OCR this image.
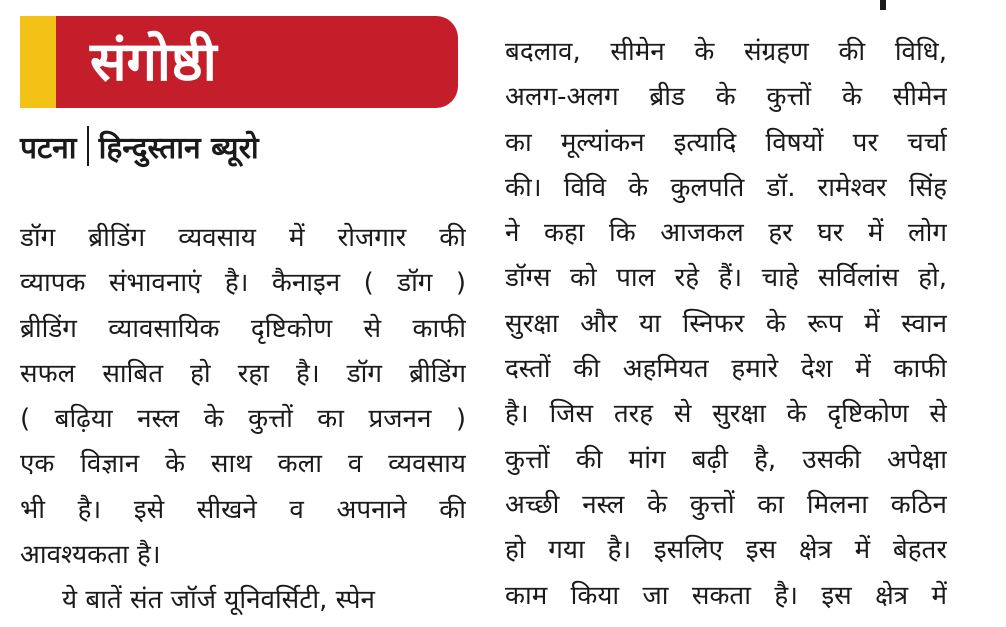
संगोष्ठी
पटना हिन्दुस्तान ब्यूरो
डॉग ब्रीडिंग व्यवसाय में रोजगार की
व्यापक संभावनाएं है। कैनाइन ( डॉग )
ब्रीडिंग व्यावसायिक दृष्टिकोण से काफी
सफल साबित हो रहा है। डॉग ब्रीडिंग
( बढ़िया नस्ल के कुत्तों का प्रजनन )
एक विज्ञान के साथ कला व व्यवसाय
भी है। इसे सीखने व अपनाने की
आवश्यकता है।
ये बातें संत जॉर्ज यूनिवर्सिटी, स्पेन
बदलाव, सीमेन के संग्रहण की विधि,
अलग-अलग ब्रीड के कुत्तों के सीमेन
का मूल्यांकन इत्यादि विषयों पर चर्चा
की। विवि के कुलपति डॉ. रामेश्वर सिंह
ने कहा कि आजकल हर घर में लोग
डॉग्स को पाल रहे हैं। चाहे सर्विलांस हो,
सुरक्षा और या स्निफर के रूप में स्वान
दस्तों की अहमियत हमारे देश में काफी
है। जिस तरह से सुरक्षा के दृष्टिकोण से
कुत्तों की मांग बढ़ी है, उसकी अपेक्षा
अच्छी नस्ल के कुत्तों का मिलना कठिन
हो गया है। इसलिए इस क्षेत्र में बेहतर
काम किया जा सकता है। इस क्षेत्र में
